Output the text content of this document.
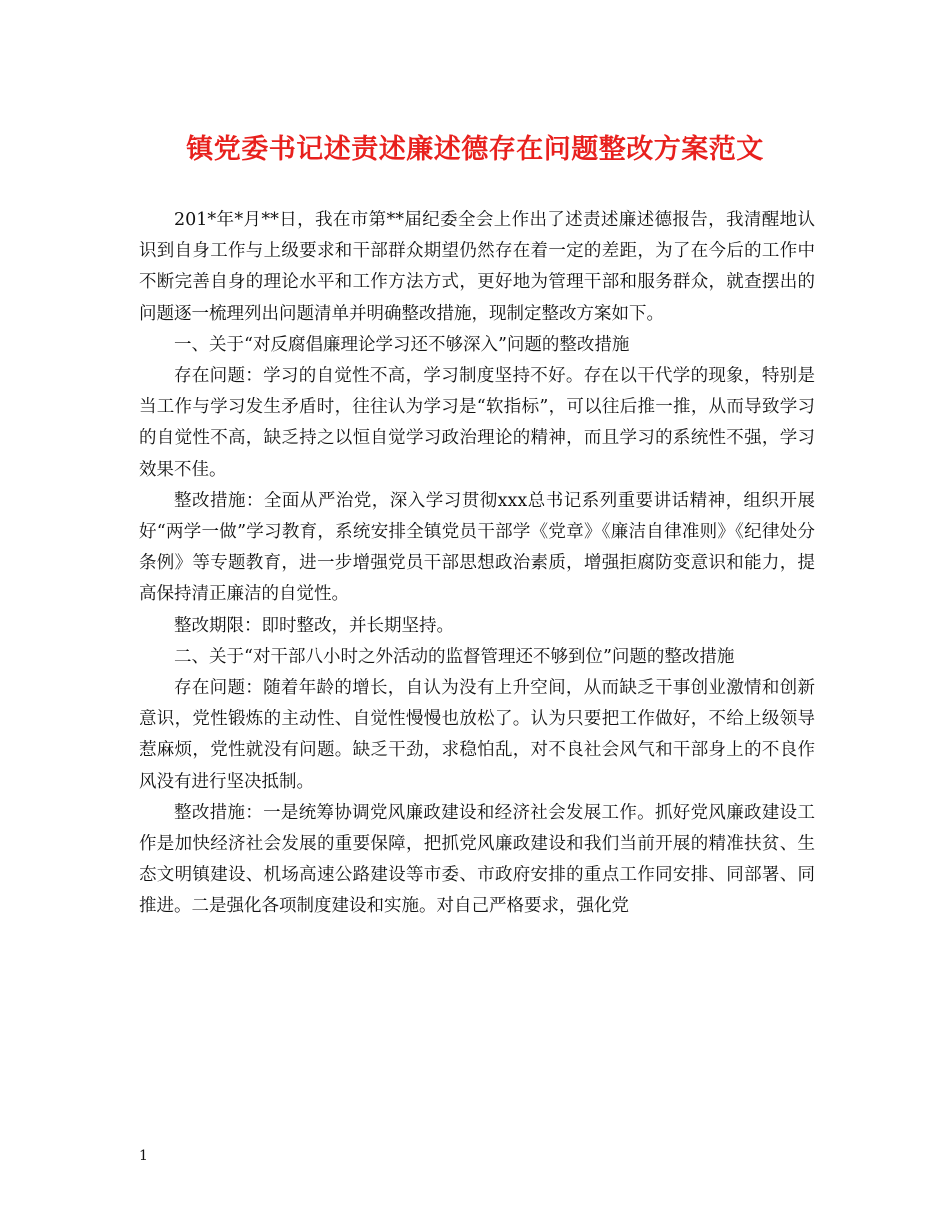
镇党委书记述责述廉述德存在问题整改方案范文

201*年*月**日，我在市第**届纪委全会上作出了述责述廉述德报告，我清醒地认识到自身工作与上级要求和干部群众期望仍然存在着一定的差距，为了在今后的工作中不断完善自身的理论水平和工作方法方式，更好地为管理干部和服务群众，就查摆出的问题逐一梳理列出问题清单并明确整改措施，现制定整改方案如下。

一、关于“对反腐倡廉理论学习还不够深入”问题的整改措施

存在问题：学习的自觉性不高，学习制度坚持不好。存在以干代学的现象，特别是当工作与学习发生矛盾时，往往认为学习是“软指标”，可以往后推一推，从而导致学习的自觉性不高，缺乏持之以恒自觉学习政治理论的精神，而且学习的系统性不强，学习效果不佳。

整改措施：全面从严治党，深入学习贯彻xxx总书记系列重要讲话精神，组织开展好“两学一做”学习教育，系统安排全镇党员干部学《党章》《廉洁自律准则》《纪律处分条例》等专题教育，进一步增强党员干部思想政治素质，增强拒腐防变意识和能力，提高保持清正廉洁的自觉性。

整改期限：即时整改，并长期坚持。

二、关于“对干部八小时之外活动的监督管理还不够到位”问题的整改措施

存在问题：随着年龄的增长，自认为没有上升空间，从而缺乏干事创业激情和创新意识，党性锻炼的主动性、自觉性慢慢也放松了。认为只要把工作做好，不给上级领导惹麻烦，党性就没有问题。缺乏干劲，求稳怕乱，对不良社会风气和干部身上的不良作风没有进行坚决抵制。

整改措施：一是统筹协调党风廉政建设和经济社会发展工作。抓好党风廉政建设工作是加快经济社会发展的重要保障，把抓党风廉政建设和我们当前开展的精准扶贫、生态文明镇建设、机场高速公路建设等市委、市政府安排的重点工作同安排、同部署、同推进。二是强化各项制度建设和实施。对自己严格要求，强化党

1
